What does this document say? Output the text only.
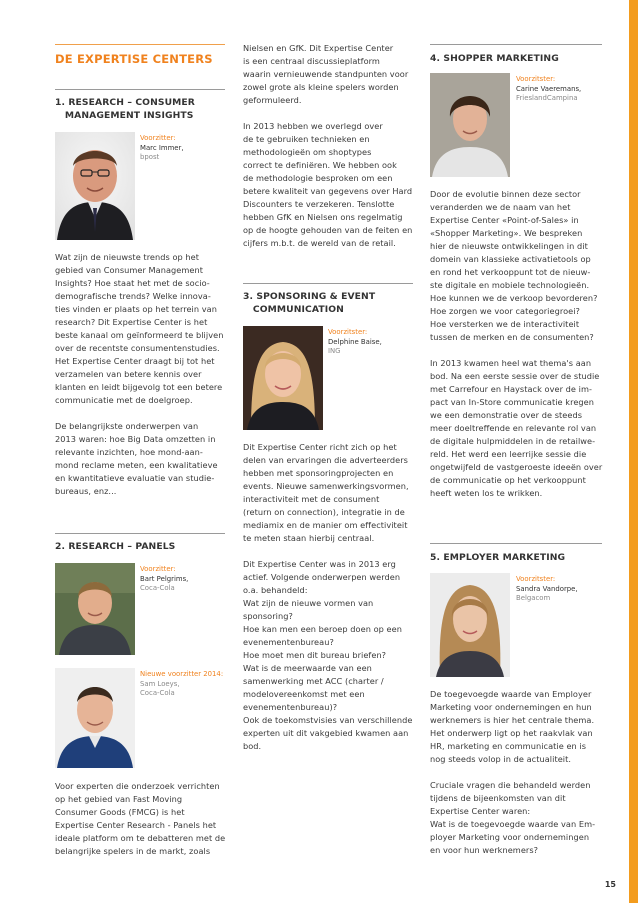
DE EXPERTISE CENTERS
1. RESEARCH – CONSUMER
MANAGEMENT INSIGHTS
Voorzitter:
Marc Immer,
bpost
Wat zijn de nieuwste trends op het
gebied van Consumer Management
Insights? Hoe staat het met de socio-
demografische trends? Welke innova-
ties vinden er plaats op het terrein van
research? Dit Expertise Center is het
beste kanaal om geïnformeerd te blijven
over de recentste consumentenstudies.
Het Expertise Center draagt bij tot het
verzamelen van betere kennis over
klanten en leidt bijgevolg tot een betere
communicatie met de doelgroep.

De belangrijkste onderwerpen van
2013 waren: hoe Big Data omzetten in
relevante inzichten, hoe mond-aan-
mond reclame meten, een kwalitatieve
en kwantitatieve evaluatie van studie-
bureaus, enz...
2. RESEARCH – PANELS
Voorzitter:
Bart Pelgrims,
Coca-Cola
Nieuwe voorzitter 2014:
Sam Loeys,
Coca-Cola
Voor experten die onderzoek verrichten
op het gebied van Fast Moving
Consumer Goods (FMCG) is het
Expertise Center Research - Panels het
ideale platform om te debatteren met de
belangrijke spelers in de markt, zoals
Nielsen en GfK. Dit Expertise Center
is een centraal discussieplatform
waarin vernieuwende standpunten voor
zowel grote als kleine spelers worden
geformuleerd.

In 2013 hebben we overlegd over
de te gebruiken technieken en
methodologieën om shoptypes
correct te definiëren. We hebben ook
de methodologie besproken om een
betere kwaliteit van gegevens over Hard
Discounters te verzekeren. Tenslotte
hebben GfK en Nielsen ons regelmatig
op de hoogte gehouden van de feiten en
cijfers m.b.t. de wereld van de retail.
3. SPONSORING & EVENT
COMMUNICATION
Voorzitster:
Delphine Baise,
ING
Dit Expertise Center richt zich op het
delen van ervaringen die adverteerders
hebben met sponsoringprojecten en
events. Nieuwe samenwerkingsvormen,
interactiviteit met de consument
(return on connection), integratie in de
mediamix en de manier om effectiviteit
te meten staan hierbij centraal.

Dit Expertise Center was in 2013 erg
actief. Volgende onderwerpen werden
o.a. behandeld:
Wat zijn de nieuwe vormen van
sponsoring?
Hoe kan men een beroep doen op een
evenementenbureau?
Hoe moet men dit bureau briefen?
Wat is de meerwaarde van een
samenwerking met ACC (charter /
modelovereenkomst met een
evenementenbureau)?
Ook de toekomstvisies van verschillende
experten uit dit vakgebied kwamen aan
bod.
4. SHOPPER MARKETING
Voorzitster:
Carine Vaeremans,
FrieslandCampina
Door de evolutie binnen deze sector
veranderden we de naam van het
Expertise Center «Point-of-Sales» in
«Shopper Marketing». We bespreken
hier de nieuwste ontwikkelingen in dit
domein van klassieke activatietools op
en rond het verkooppunt tot de nieuw-
ste digitale en mobiele technologieën.
Hoe kunnen we de verkoop bevorderen?
Hoe zorgen we voor categoriegroei?
Hoe versterken we de interactiviteit
tussen de merken en de consumenten?

In 2013 kwamen heel wat thema's aan
bod. Na een eerste sessie over de studie
met Carrefour en Haystack over de im-
pact van In-Store communicatie kregen
we een demonstratie over de steeds
meer doeltreffende en relevante rol van
de digitale hulpmiddelen in de retailwe-
reld. Het werd een leerrijke sessie die
ongetwijfeld de vastgeroeste ideeën over
de communicatie op het verkooppunt
heeft weten los te wrikken.
5. EMPLOYER MARKETING
Voorzitster:
Sandra Vandorpe,
Belgacom
De toegevoegde waarde van Employer
Marketing voor ondernemingen en hun
werknemers is hier het centrale thema.
Het onderwerp ligt op het raakvlak van
HR, marketing en communicatie en is
nog steeds volop in de actualiteit.

Cruciale vragen die behandeld werden
tijdens de bijeenkomsten van dit
Expertise Center waren:
Wat is de toegevoegde waarde van Em-
ployer Marketing voor ondernemingen
en voor hun werknemers?
15
